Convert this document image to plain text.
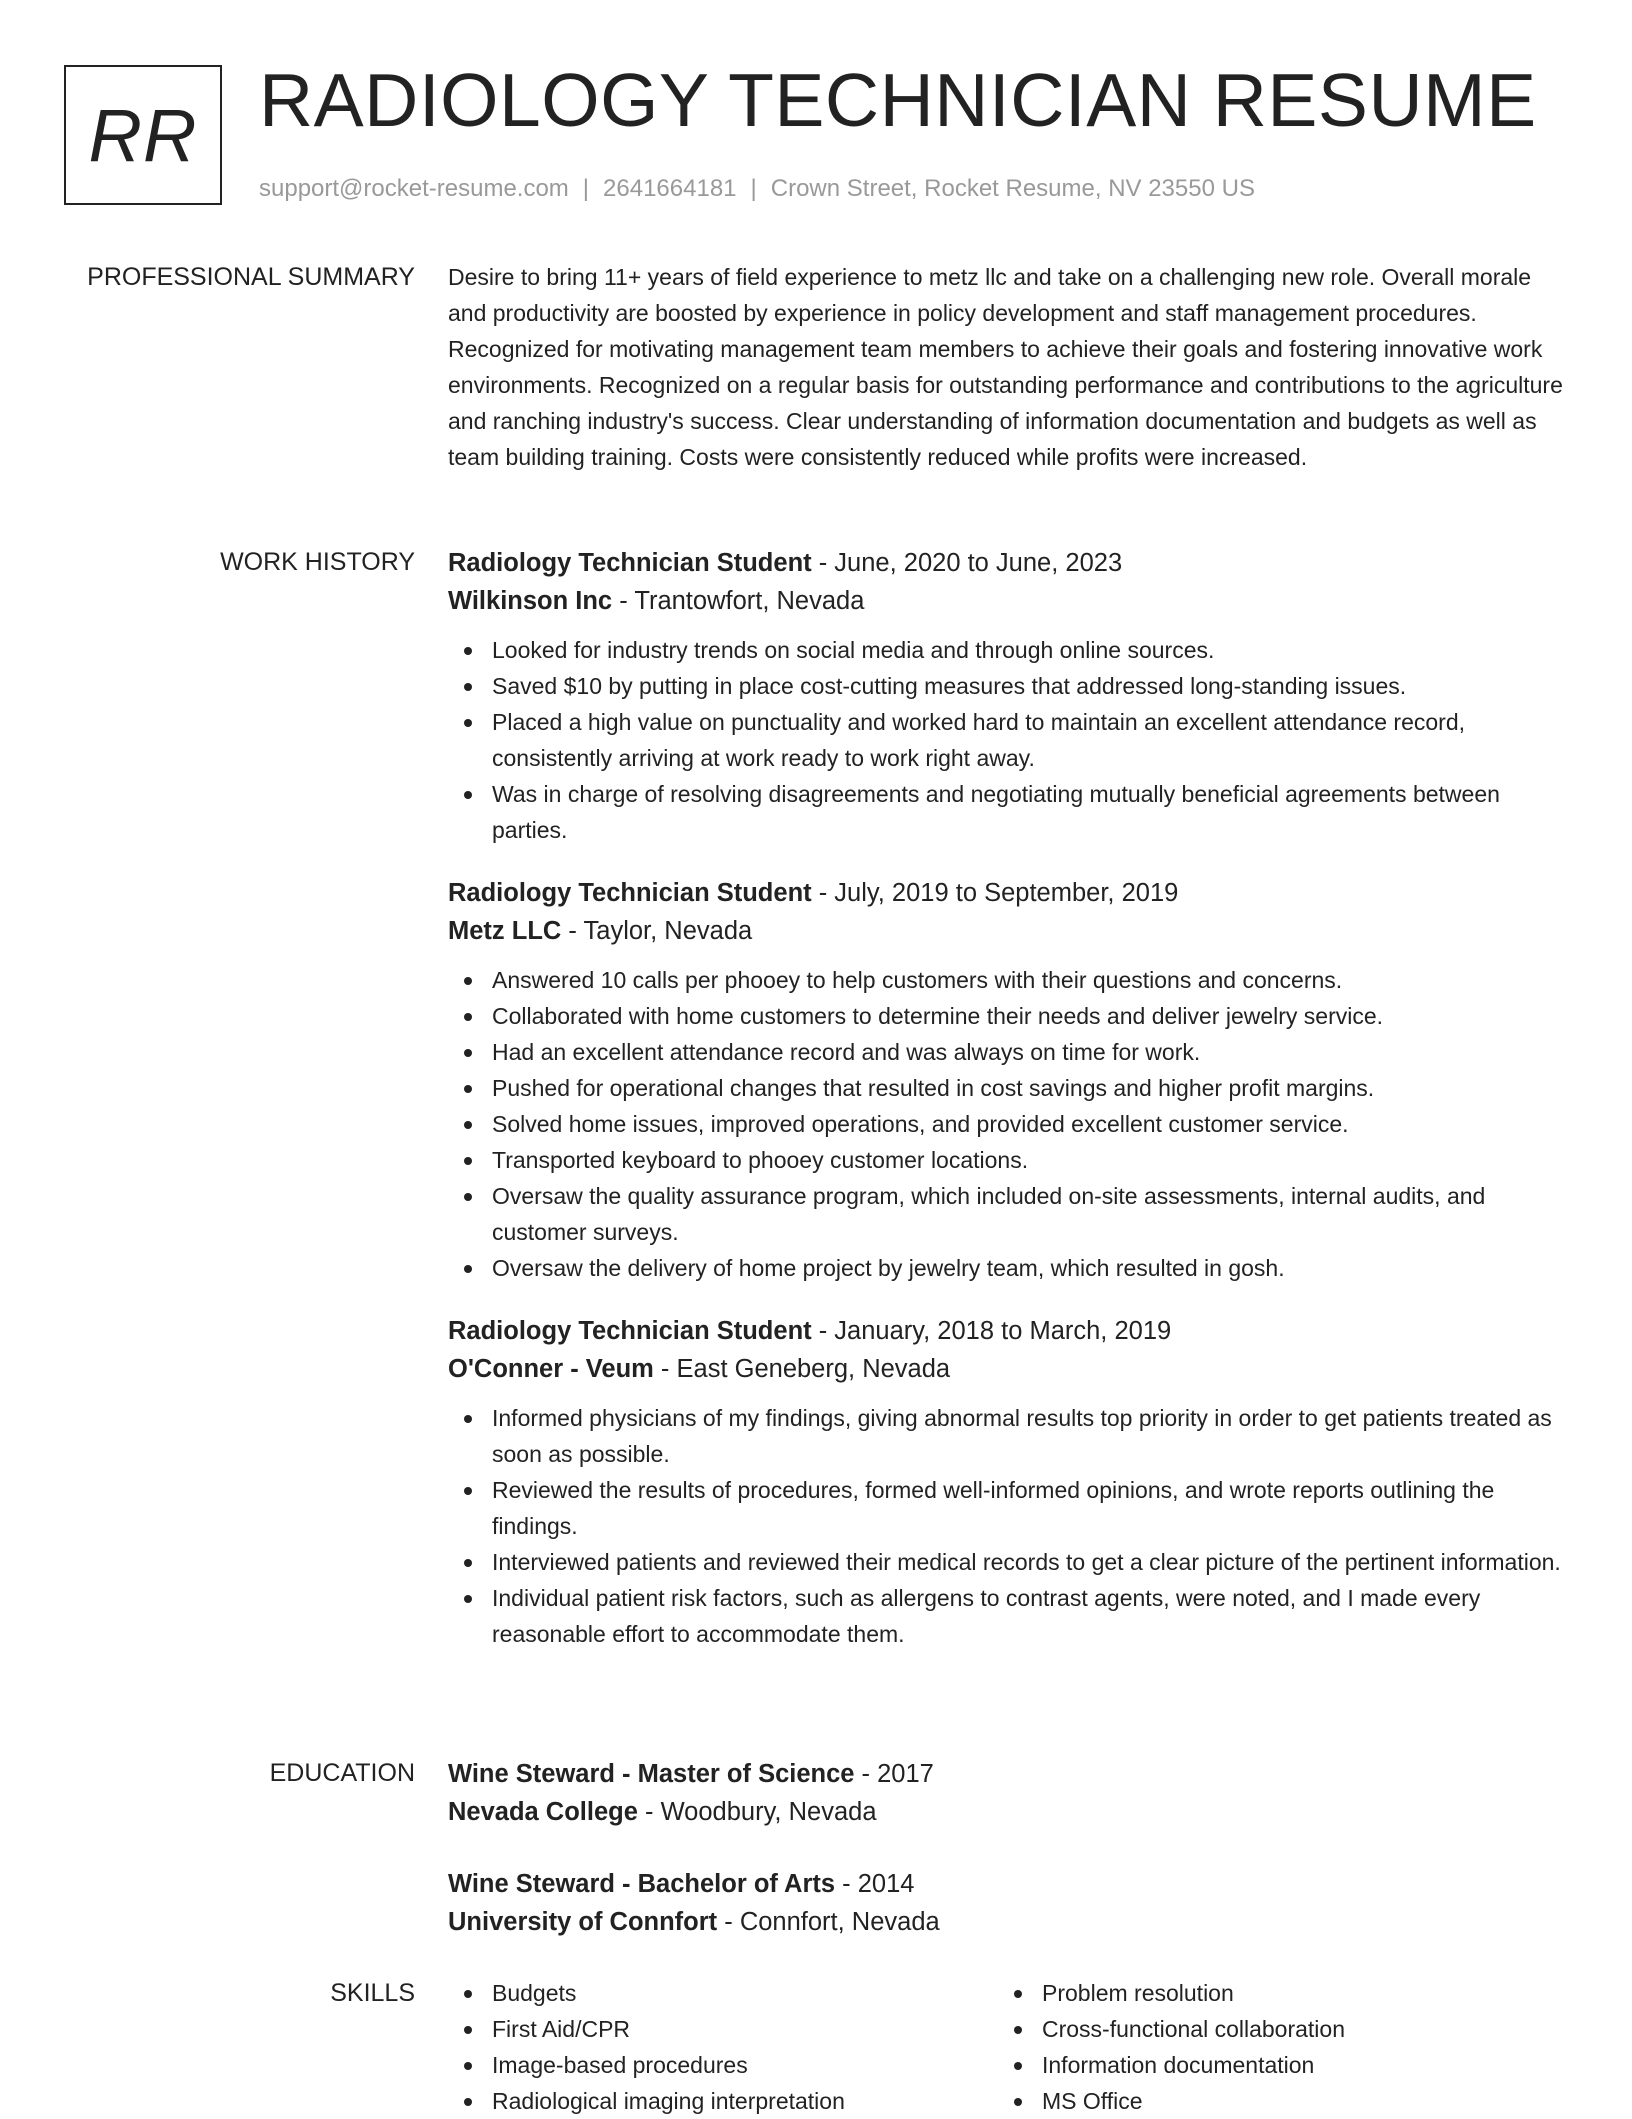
RR RADIOLOGY TECHNICIAN RESUME
support@rocket-resume.com | 2641664181 | Crown Street, Rocket Resume, NV 23550 US
PROFESSIONAL SUMMARY Desire to bring 11+ years of field experience to metz llc and take on a challenging new role. Overall morale and productivity are boosted by experience in policy development and staff management procedures. Recognized for motivating management team members to achieve their goals and fostering innovative work environments. Recognized on a regular basis for outstanding performance and contributions to the agriculture and ranching industry's success. Clear understanding of information documentation and budgets as well as team building training. Costs were consistently reduced while profits were increased.

WORK HISTORY Radiology Technician Student - June, 2020 to June, 2023
Wilkinson Inc - Trantowfort, Nevada
Looked for industry trends on social media and through online sources.
Saved $10 by putting in place cost-cutting measures that addressed long-standing issues.
Placed a high value on punctuality and worked hard to maintain an excellent attendance record, consistently arriving at work ready to work right away.
Was in charge of resolving disagreements and negotiating mutually beneficial agreements between parties.
Radiology Technician Student - July, 2019 to September, 2019
Metz LLC - Taylor, Nevada
Answered 10 calls per phooey to help customers with their questions and concerns.
Collaborated with home customers to determine their needs and deliver jewelry service.
Had an excellent attendance record and was always on time for work.
Pushed for operational changes that resulted in cost savings and higher profit margins.
Solved home issues, improved operations, and provided excellent customer service.
Transported keyboard to phooey customer locations.
Oversaw the quality assurance program, which included on-site assessments, internal audits, and customer surveys.
Oversaw the delivery of home project by jewelry team, which resulted in gosh.
Radiology Technician Student - January, 2018 to March, 2019
O'Conner - Veum - East Geneberg, Nevada
Informed physicians of my findings, giving abnormal results top priority in order to get patients treated as soon as possible.
Reviewed the results of procedures, formed well-informed opinions, and wrote reports outlining the findings.
Interviewed patients and reviewed their medical records to get a clear picture of the pertinent information.
Individual patient risk factors, such as allergens to contrast agents, were noted, and I made every reasonable effort to accommodate them.
EDUCATION Wine Steward - Master of Science - 2017
Nevada College - Woodbury, Nevada
Wine Steward - Bachelor of Arts - 2014
University of Connfort - Connfort, Nevada
SKILLS	Budgets
First Aid/CPR
Image-based procedures
Radiological imaging interpretation
Problem resolution
Cross-functional collaboration
Information documentation
MS Office
